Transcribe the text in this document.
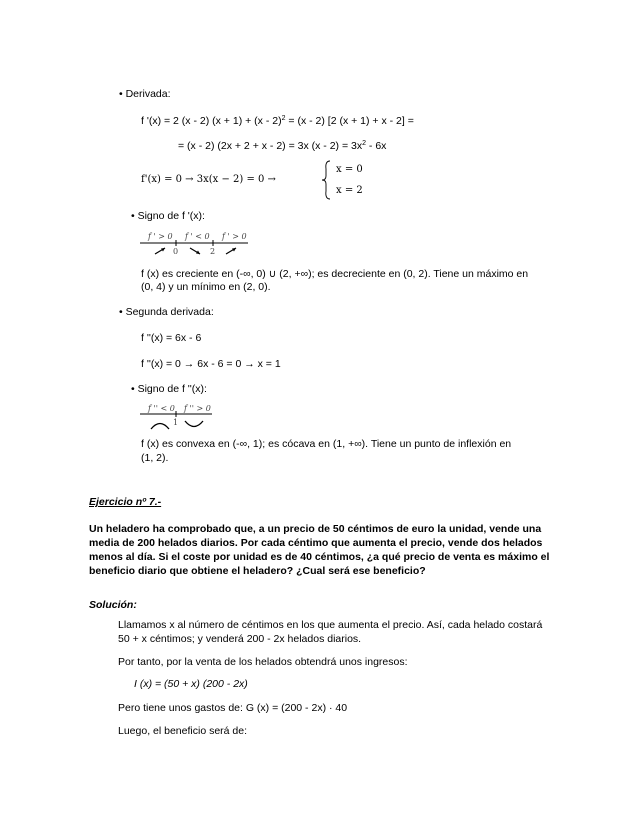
• Derivada:
f '(x) = 2 (x - 2) (x + 1) + (x - 2)$^2$ = (x - 2) [2 (x + 1) + x - 2] =
= (x - 2) (2x + 2 + x - 2) = 3x $(x - 2) = 3x^2 - 6x$
f'(x) = 0 → 3x(x − 2) = 0 →
x = 0
x = 2
• Signo de f '(x):
f ' > 0 f ' < 0 f ' > 0
0	2
f (x) es creciente en (-∞, 0) ∪ (2, +∞); es decreciente en (0, 2). Tiene un máximo en
(0, 4) y un mínimo en (2, 0).
• Segunda derivada:
f ''(x) = 6x - 6
f ''(x) = 0 → 6x - 6 = 0 → x = 1
• Signo de f ''(x):
f '' < 0 f '' > 0
1
f (x) es convexa en (-∞, 1); es cócava en (1, +∞). Tiene un punto de inflexión en
(1, 2).
Ejercicio nº 7.-
Un heladero ha comprobado que, a un precio de 50 céntimos de euro la unidad, vende una
media de 200 helados diarios. Por cada céntimo que aumenta el precio, vende dos helados
menos al día. Si el coste por unidad es de 40 céntimos, ¿a qué precio de venta es máximo el
beneficio diario que obtiene el heladero? ¿Cual será ese beneficio?
Solución:
Llamamos x al número de céntimos en los que aumenta el precio. Así, cada helado costará
50 + x céntimos; y venderá 200 - 2x helados diarios.
Por tanto, por la venta de los helados obtendrá unos ingresos:
I (x) = (50 + x) (200 - 2x)
Pero tiene unos gastos de: G (x) = (200 - 2x) · 40
Luego, el beneficio será de:
